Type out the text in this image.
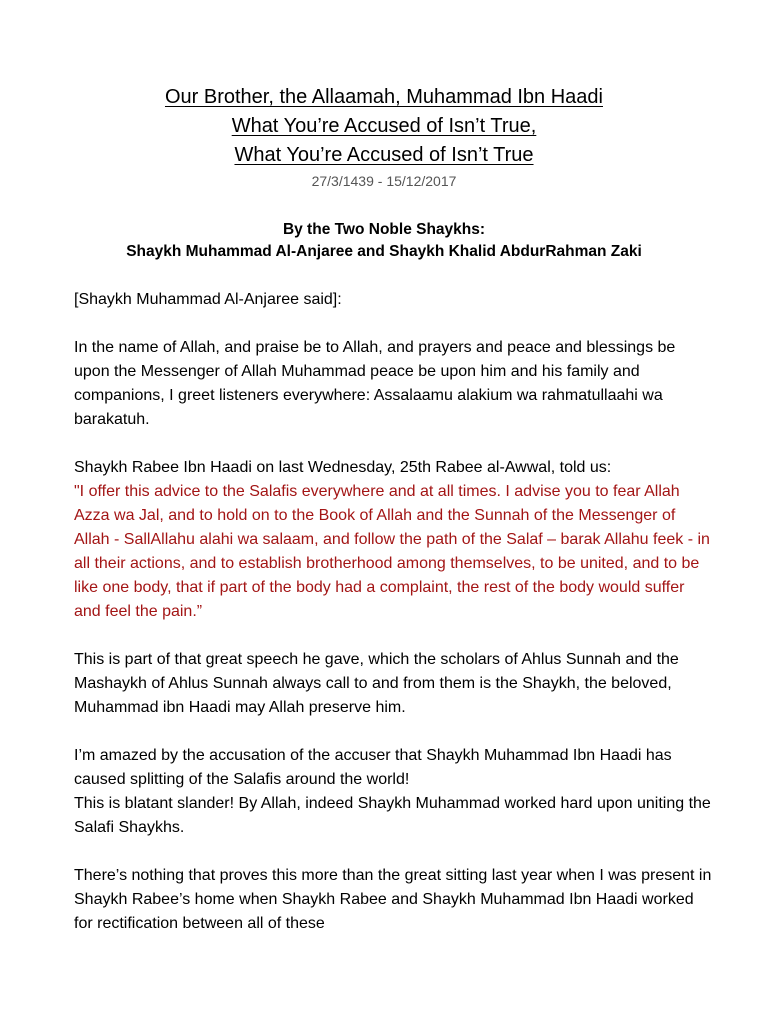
Our Brother, the Allaamah, Muhammad Ibn Haadi
What You’re Accused of Isn’t True,
What You’re Accused of Isn’t True
27/3/1439 - 15/12/2017
By the Two Noble Shaykhs:
Shaykh Muhammad Al-Anjaree and Shaykh Khalid AbdurRahman Zaki

[Shaykh Muhammad Al-Anjaree said]:

In the name of Allah, and praise be to Allah, and prayers and peace and blessings be upon the Messenger of Allah Muhammad peace be upon him and his family and companions, I greet listeners everywhere: Assalaamu alakium wa rahmatullaahi wa barakatuh.

Shaykh Rabee Ibn Haadi on last Wednesday, 25th Rabee al-Awwal, told us:
"I offer this advice to the Salafis everywhere and at all times. I advise you to fear Allah Azza wa Jal, and to hold on to the Book of Allah and the Sunnah of the Messenger of Allah - SallAllahu alahi wa salaam, and follow the path of the Salaf – barak Allahu feek - in all their actions, and to establish brotherhood among themselves, to be united, and to be like one body, that if part of the body had a complaint, the rest of the body would suffer and feel the pain.”

This is part of that great speech he gave, which the scholars of Ahlus Sunnah and the Mashaykh of Ahlus Sunnah always call to and from them is the Shaykh, the beloved, Muhammad ibn Haadi may Allah preserve him.

I’m amazed by the accusation of the accuser that Shaykh Muhammad Ibn Haadi has caused splitting of the Salafis around the world!
This is blatant slander! By Allah, indeed Shaykh Muhammad worked hard upon uniting the Salafi Shaykhs.

There’s nothing that proves this more than the great sitting last year when I was present in Shaykh Rabee’s home when Shaykh Rabee and Shaykh Muhammad Ibn Haadi worked for rectification between all of these
